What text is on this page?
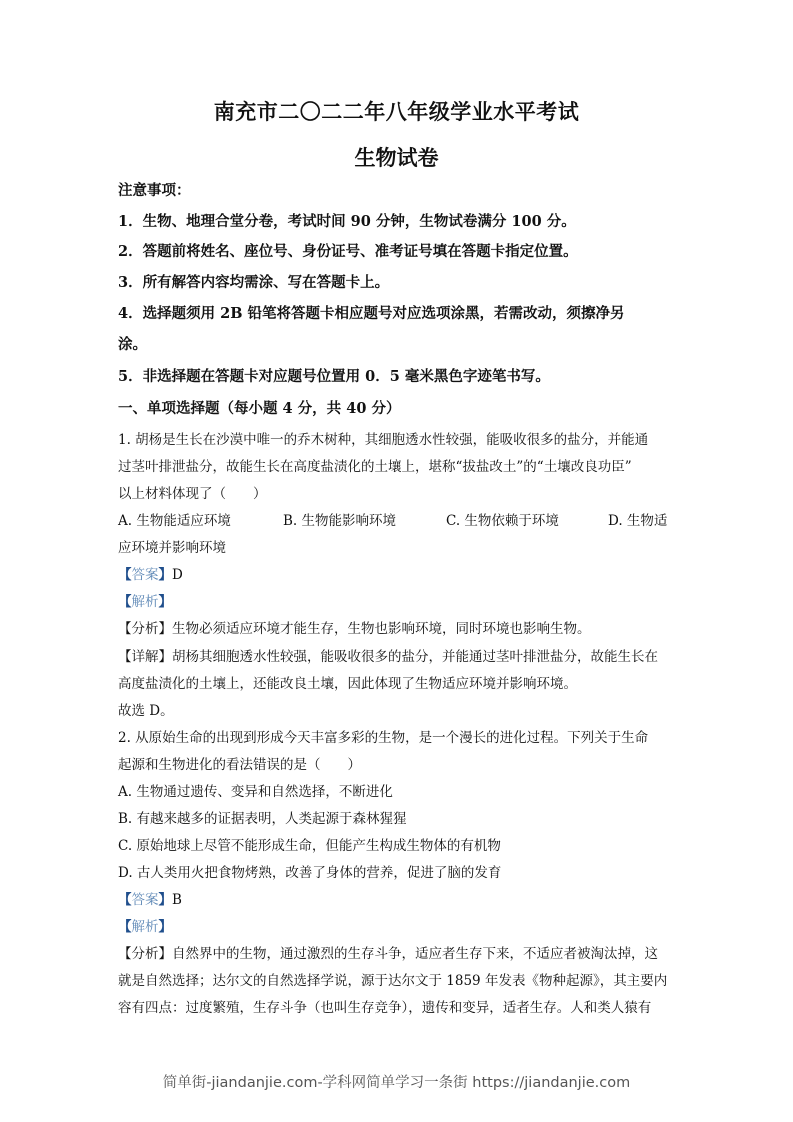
南充市二〇二二年八年级学业水平考试
生物试卷
注意事项：
1．生物、地理合堂分卷，考试时间 90 分钟，生物试卷满分 100 分。
2．答题前将姓名、座位号、身份证号、准考证号填在答题卡指定位置。
3．所有解答内容均需涂、写在答题卡上。
4．选择题须用 2B 铅笔将答题卡相应题号对应选项涂黑，若需改动，须擦净另
涂。
5．非选择题在答题卡对应题号位置用 0．5 毫米黑色字迹笔书写。
一、单项选择题（每小题 4 分，共 40 分）
1. 胡杨是生长在沙漠中唯一的乔木树种，其细胞透水性较强，能吸收很多的盐分，并能通
过茎叶排泄盐分，故能生长在高度盐渍化的土壤上，堪称“拔盐改土”的“土壤改良功臣”
以上材料体现了（　　）
A. 生物能适应环境	B. 生物能影响环境	C. 生物依赖于环境	D. 生物适
应环境并影响环境
【答案】D
【解析】
【分析】生物必须适应环境才能生存，生物也影响环境，同时环境也影响生物。
【详解】胡杨其细胞透水性较强，能吸收很多的盐分，并能通过茎叶排泄盐分，故能生长在
高度盐渍化的土壤上，还能改良土壤，因此体现了生物适应环境并影响环境。
故选 D。
2. 从原始生命的出现到形成今天丰富多彩的生物，是一个漫长的进化过程。下列关于生命
起源和生物进化的看法错误的是（　　）
A. 生物通过遗传、变异和自然选择，不断进化
B. 有越来越多的证据表明，人类起源于森林猩猩
C. 原始地球上尽管不能形成生命，但能产生构成生物体的有机物
D. 古人类用火把食物烤熟，改善了身体的营养，促进了脑的发育
【答案】B
【解析】
【分析】自然界中的生物，通过激烈的生存斗争，适应者生存下来，不适应者被淘汰掉，这
就是自然选择；达尔文的自然选择学说，源于达尔文于 1859 年发表《物种起源》，其主要内
容有四点：过度繁殖，生存斗争（也叫生存竞争），遗传和变异，适者生存。人和类人猿有
简单街-jiandanjie.com-学科网简单学习一条街 https://jiandanjie.com
